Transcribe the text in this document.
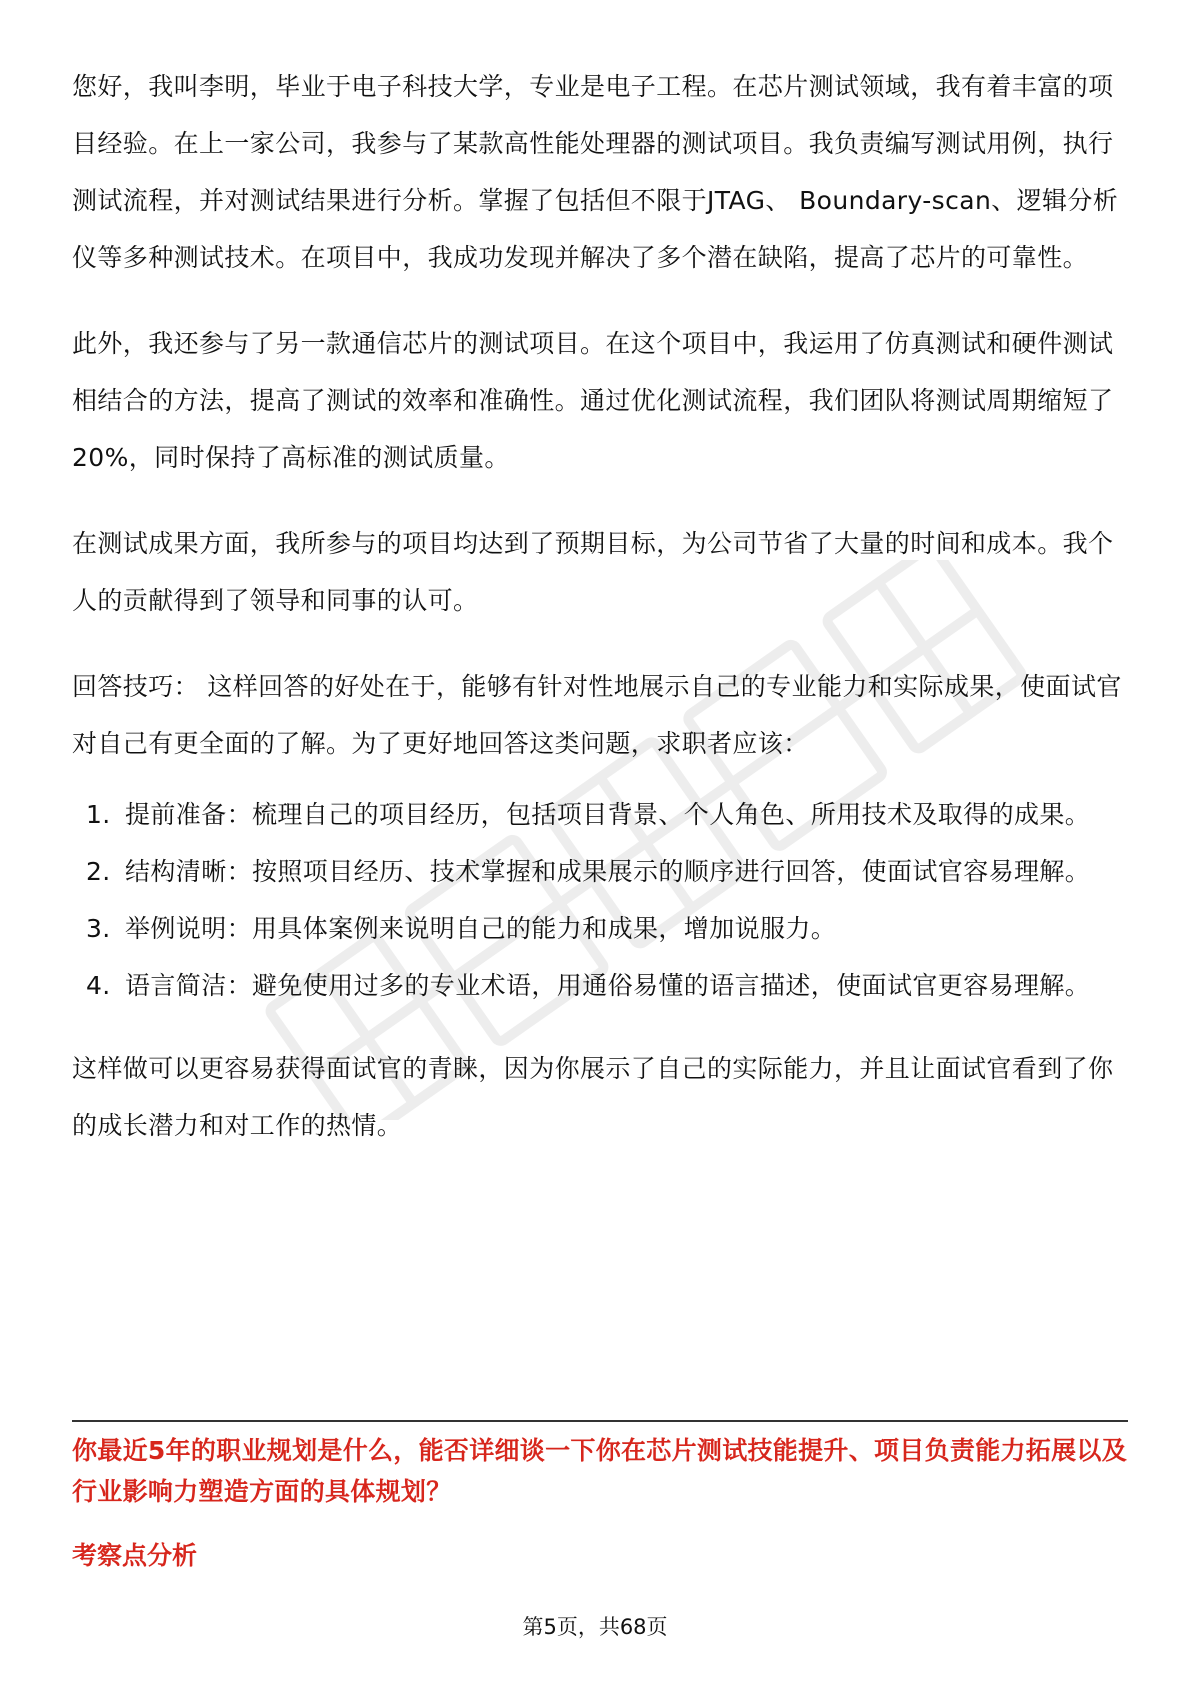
您好，我叫李明，毕业于电子科技大学，专业是电子工程。在芯片测试领域，我有着丰富的项目经验。在上一家公司，我参与了某款高性能处理器的测试项目。我负责编写测试用例，执行测试流程，并对测试结果进行分析。掌握了包括但不限于JTAG、 Boundary-scan、逻辑分析仪等多种测试技术。在项目中，我成功发现并解决了多个潜在缺陷，提高了芯片的可靠性。

此外，我还参与了另一款通信芯片的测试项目。在这个项目中，我运用了仿真测试和硬件测试相结合的方法，提高了测试的效率和准确性。通过优化测试流程，我们团队将测试周期缩短了20%，同时保持了高标准的测试质量。

在测试成果方面，我所参与的项目均达到了预期目标，为公司节省了大量的时间和成本。我个人的贡献得到了领导和同事的认可。

回答技巧： 这样回答的好处在于，能够有针对性地展示自己的专业能力和实际成果，使面试官对自己有更全面的了解。为了更好地回答这类问题，求职者应该：

1. 提前准备：梳理自己的项目经历，包括项目背景、个人角色、所用技术及取得的成果。
2. 结构清晰：按照项目经历、技术掌握和成果展示的顺序进行回答，使面试官容易理解。
3. 举例说明：用具体案例来说明自己的能力和成果，增加说服力。
4. 语言简洁：避免使用过多的专业术语，用通俗易懂的语言描述，使面试官更容易理解。

这样做可以更容易获得面试官的青睐，因为你展示了自己的实际能力，并且让面试官看到了你的成长潜力和对工作的热情。

你最近5年的职业规划是什么，能否详细谈一下你在芯片测试技能提升、项目负责能力拓展以及行业影响力塑造方面的具体规划？

考察点分析

第5页，共68页
